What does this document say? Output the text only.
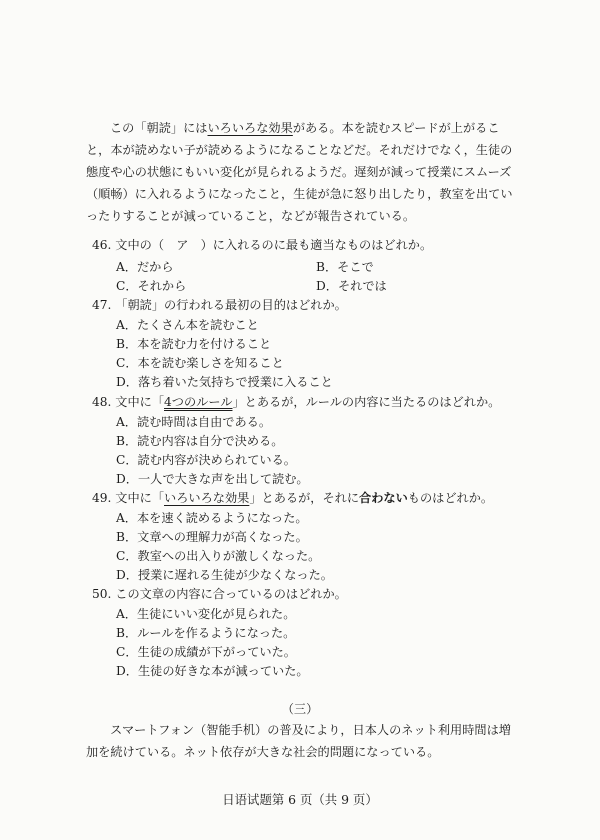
この「朝読」にはいろいろな効果がある。本を読むスピードが上がること，本が読めない子が読めるようになることなどだ。それだけでなく，生徒の態度や心の状態にもいい変化が見られるようだ。遅刻が減って授業にスムーズ（順畅）に入れるようになったこと，生徒が急に怒り出したり，教室を出ていったりすることが減っていること，などが報告されている。

46. 文中の（　ア　）に入れるのに最も適当なものはどれか。
A．だから	B．そこで
C．それから	D．それでは
47. 「朝読」の行われる最初の目的はどれか。
A．たくさん本を読むこと
B．本を読む力を付けること
C．本を読む楽しさを知ること
D．落ち着いた気持ちで授業に入ること
48. 文中に「4つのルール」とあるが，ルールの内容に当たるのはどれか。
A．読む時間は自由である。
B．読む内容は自分で決める。
C．読む内容が決められている。
D．一人で大きな声を出して読む。
49. 文中に「いろいろな効果」とあるが，それに合わないものはどれか。
A．本を速く読めるようになった。
B．文章への理解力が高くなった。
C．教室への出入りが激しくなった。
D．授業に遅れる生徒が少なくなった。
50. この文章の内容に合っているのはどれか。
A．生徒にいい変化が見られた。
B．ルールを作るようになった。
C．生徒の成績が下がっていた。
D．生徒の好きな本が減っていた。
（三）

スマートフォン（智能手机）の普及により，日本人のネット利用時間は増加を続けている。ネット依存が大きな社会的問題になっている。

日语试题第 6 页（共 9 页）
